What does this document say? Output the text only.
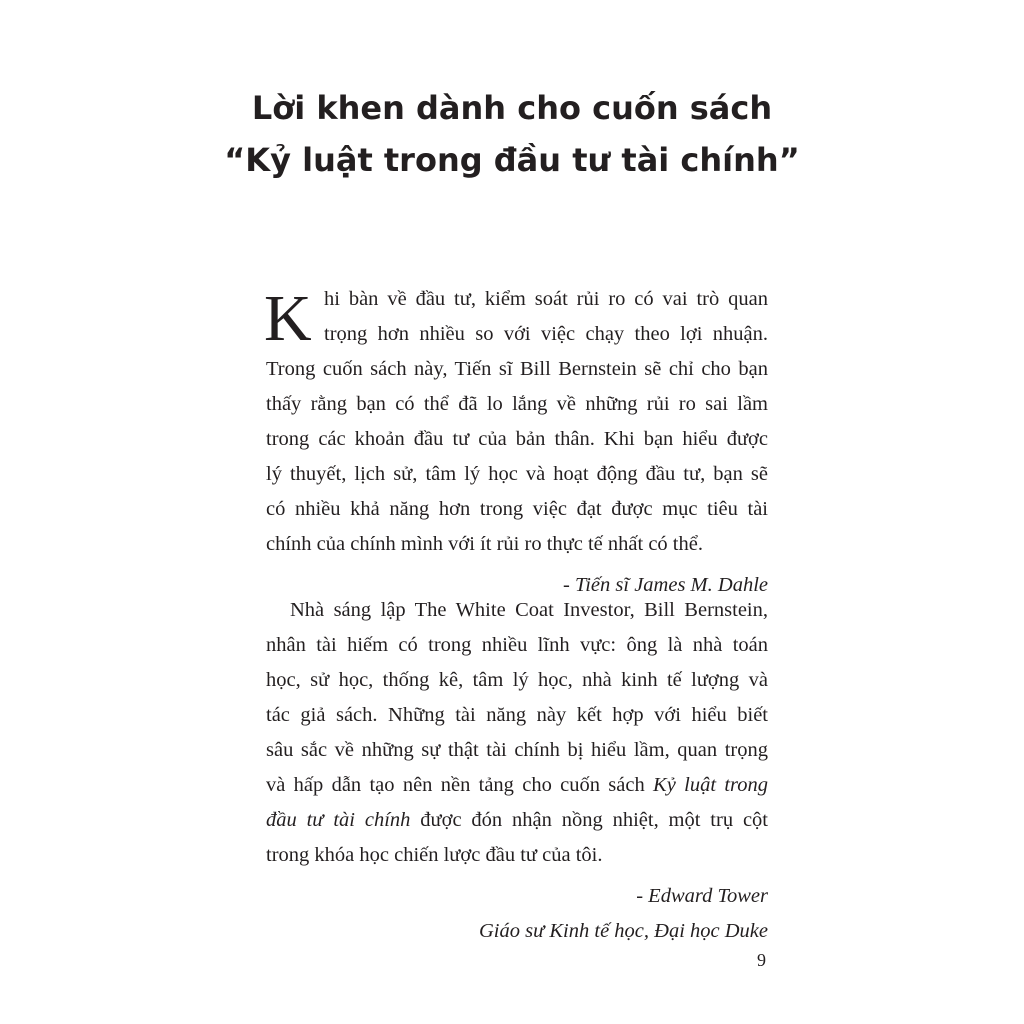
Lời khen dành cho cuốn sách
“Kỷ luật trong đầu tư tài chính”
K hi bàn về đầu tư, kiểm soát rủi ro có vai trò quan
trọng hơn nhiều so với việc chạy theo lợi nhuận.
Trong cuốn sách này, Tiến sĩ Bill Bernstein sẽ chỉ cho bạn
thấy rằng bạn có thể đã lo lắng về những rủi ro sai lầm
trong các khoản đầu tư của bản thân. Khi bạn hiểu được
lý thuyết, lịch sử, tâm lý học và hoạt động đầu tư, bạn sẽ
có nhiều khả năng hơn trong việc đạt được mục tiêu tài
chính của chính mình với ít rủi ro thực tế nhất có thể.
- Tiến sĩ James M. Dahle
Nhà sáng lập The White Coat Investor, Bill Bernstein,
nhân tài hiếm có trong nhiều lĩnh vực: ông là nhà toán
học, sử học, thống kê, tâm lý học, nhà kinh tế lượng và
tác giả sách. Những tài năng này kết hợp với hiểu biết
sâu sắc về những sự thật tài chính bị hiểu lầm, quan trọng
và hấp dẫn tạo nên nền tảng cho cuốn sách Kỷ luật trong
đầu tư tài chính được đón nhận nồng nhiệt, một trụ cột
trong khóa học chiến lược đầu tư của tôi.
- Edward Tower
Giáo sư Kinh tế học, Đại học Duke
9
